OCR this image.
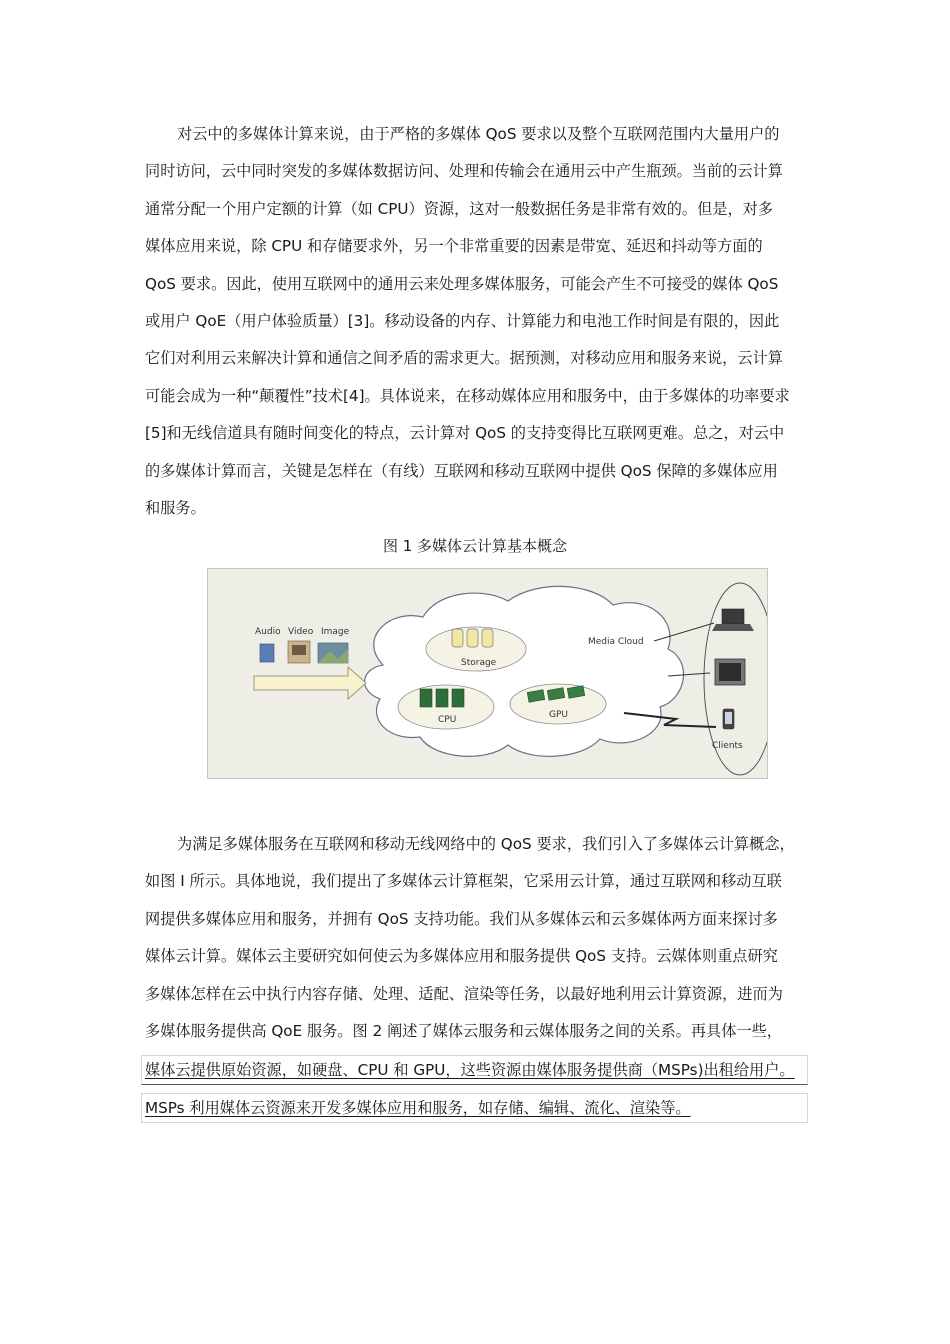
对云中的多媒体计算来说，由于严格的多媒体 QoS 要求以及整个互联网范围内大量用户的
同时访问，云中同时突发的多媒体数据访问、处理和传输会在通用云中产生瓶颈。当前的云计算
通常分配一个用户定额的计算（如 CPU）资源，这对一般数据任务是非常有效的。但是，对多
媒体应用来说，除 CPU 和存储要求外，另一个非常重要的因素是带宽、延迟和抖动等方面的
QoS 要求。因此，使用互联网中的通用云来处理多媒体服务，可能会产生不可接受的媒体 QoS
或用户 QoE（用户体验质量）[3]。移动设备的内存、计算能力和电池工作时间是有限的，因此
它们对利用云来解决计算和通信之间矛盾的需求更大。据预测，对移动应用和服务来说，云计算
可能会成为一种“颠覆性”技术[4]。具体说来，在移动媒体应用和服务中，由于多媒体的功率要求
[5]和无线信道具有随时间变化的特点，云计算对 QoS 的支持变得比互联网更难。总之，对云中
的多媒体计算而言，关键是怎样在（有线）互联网和移动互联网中提供 QoS 保障的多媒体应用
和服务。
图 1 多媒体云计算基本概念
Storage
CPU	GPU
Media Cloud
Audio Video Image
Clients
为满足多媒体服务在互联网和移动无线网络中的 QoS 要求，我们引入了多媒体云计算概念，
如图 I 所示。具体地说，我们提出了多媒体云计算框架，它采用云计算，通过互联网和移动互联
网提供多媒体应用和服务，并拥有 QoS 支持功能。我们从多媒体云和云多媒体两方面来探讨多
媒体云计算。媒体云主要研究如何使云为多媒体应用和服务提供 QoS 支持。云媒体则重点研究
多媒体怎样在云中执行内容存储、处理、适配、渲染等任务，以最好地利用云计算资源，进而为
多媒体服务提供高 QoE 服务。图 2 阐述了媒体云服务和云媒体服务之间的关系。再具体一些，
媒体云提供原始资源，如硬盘、CPU 和 GPU，这些资源由媒体服务提供商（MSPs)出租给用户。
MSPs 利用媒体云资源来开发多媒体应用和服务，如存储、编辑、流化、渲染等。
